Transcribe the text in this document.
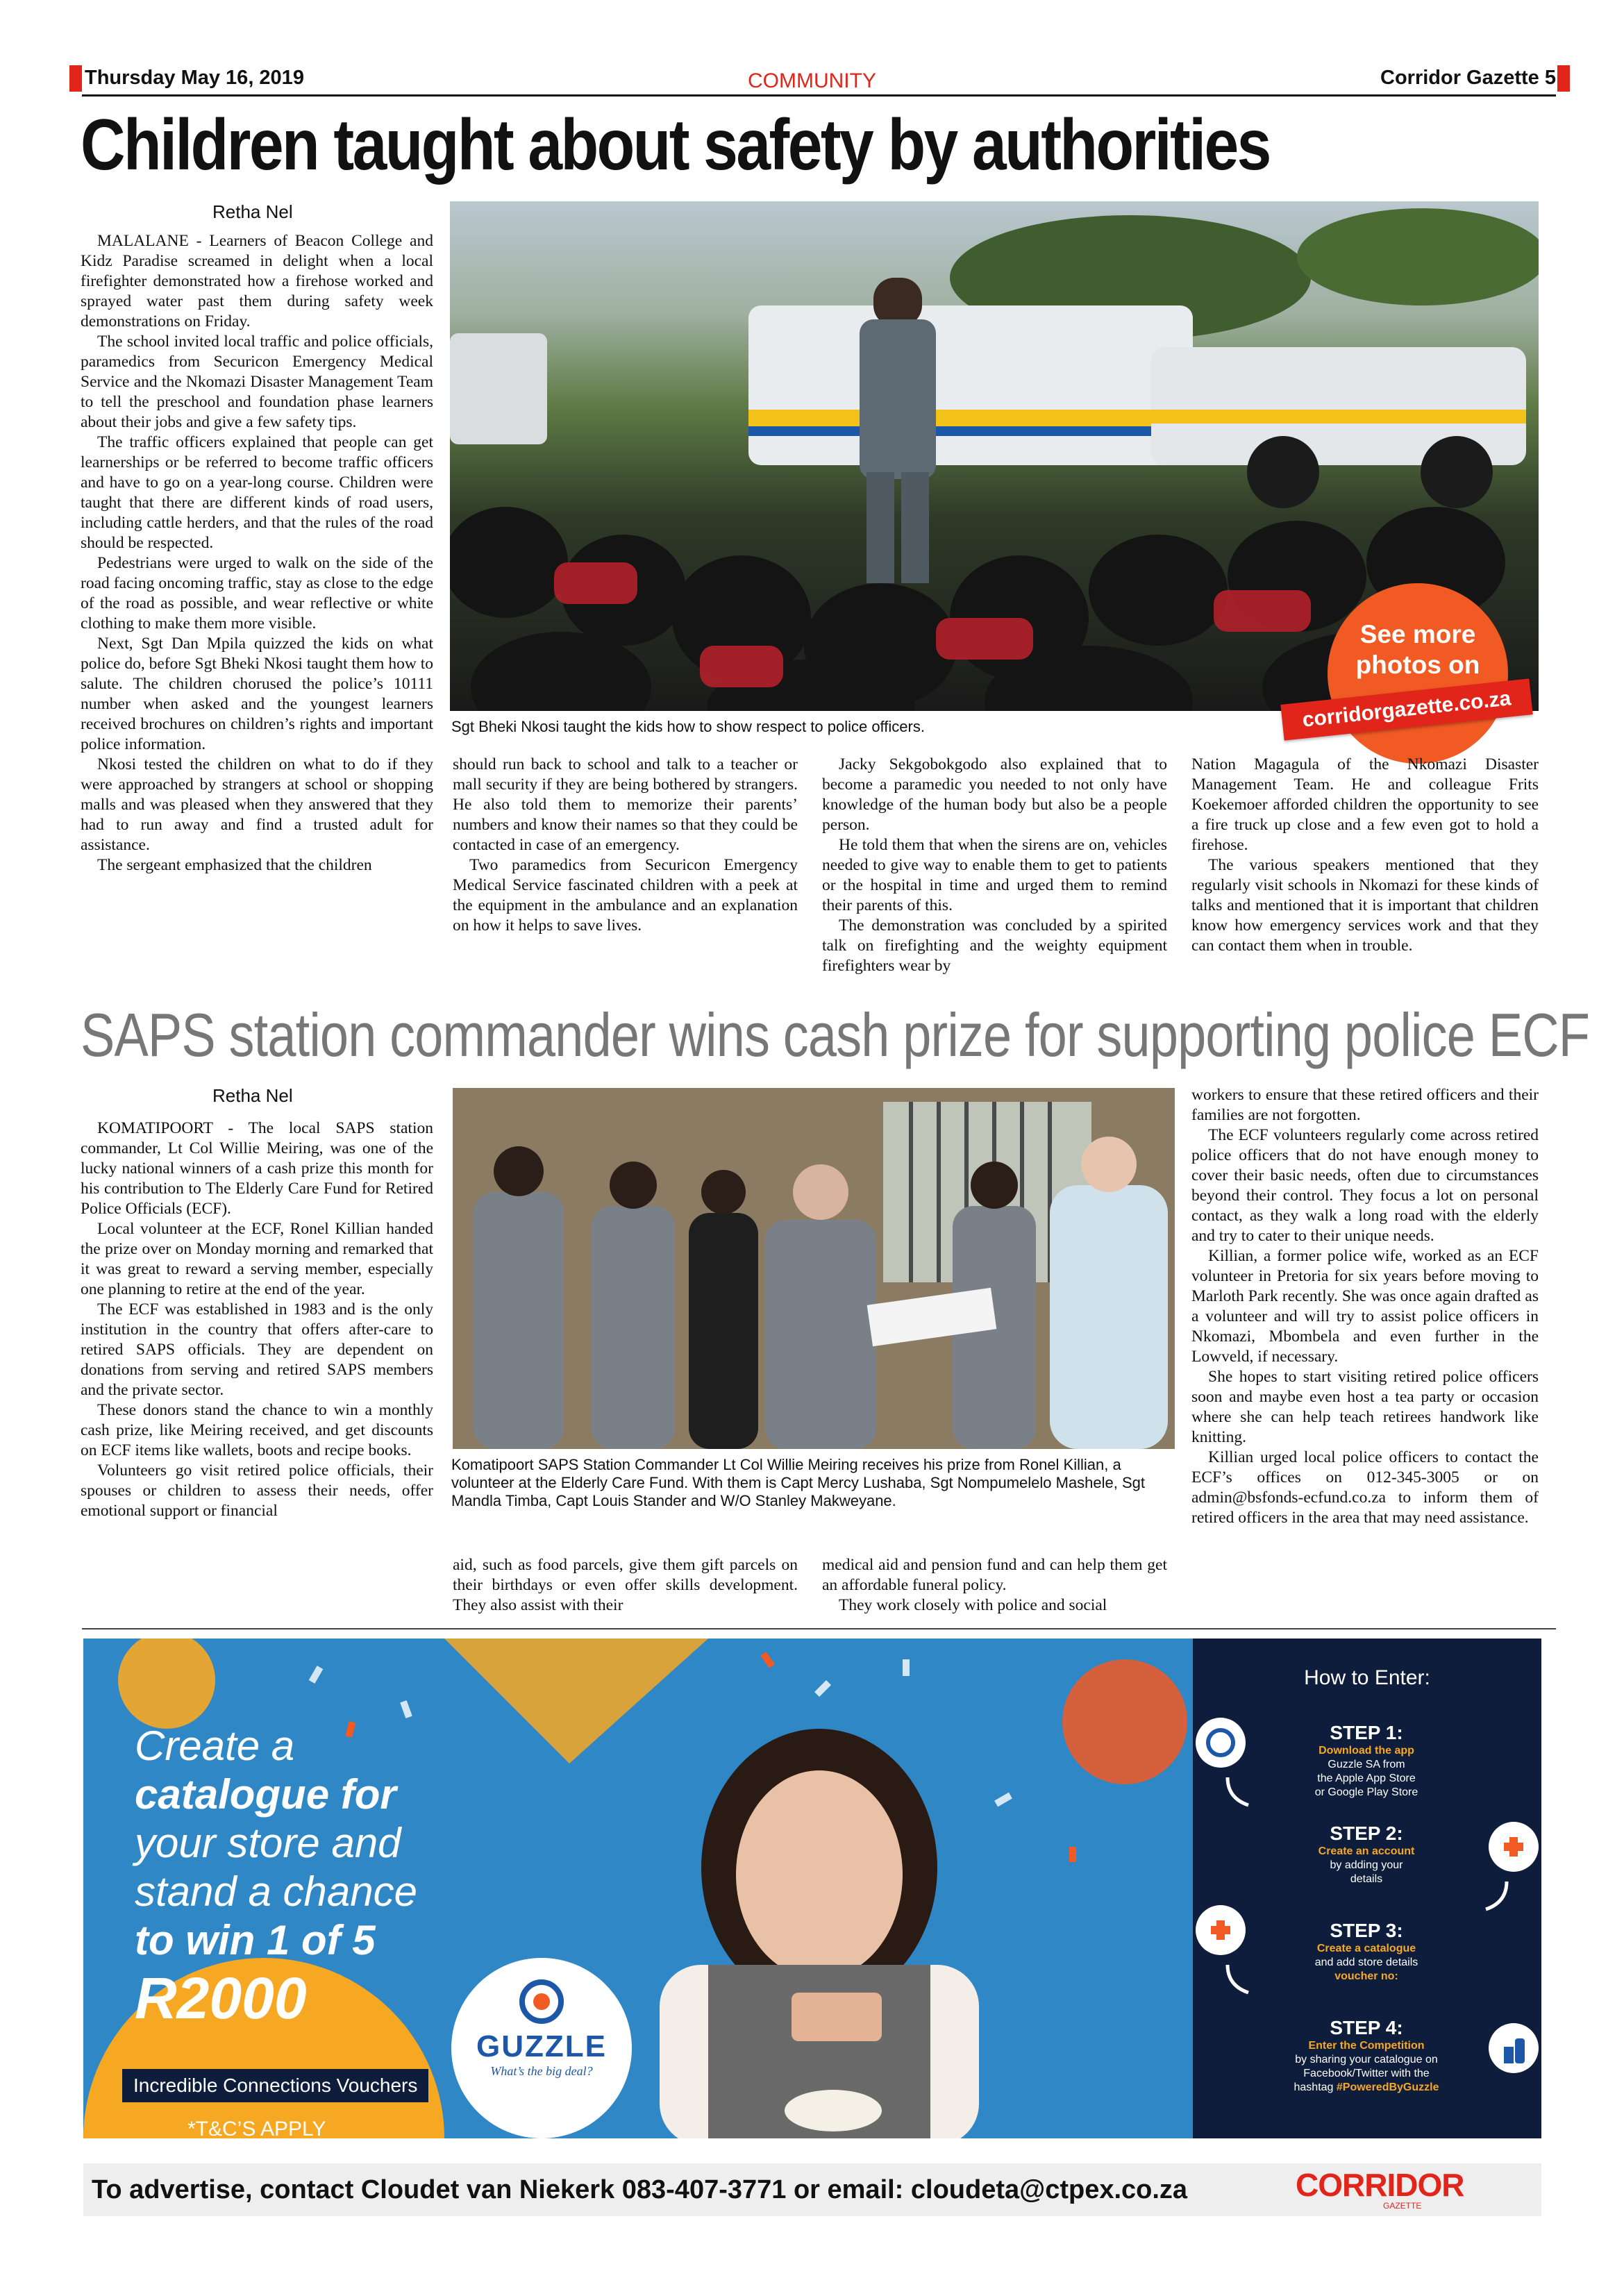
Thursday May 16, 2019	COMMUNITY	Corridor Gazette 5
Children taught about safety by authorities
Retha Nel

MALALANE - Learners of Beacon College and Kidz Paradise screamed in delight when a local firefighter demonstrated how a firehose worked and sprayed water past them during safety week demonstrations on Friday.

The school invited local traffic and police officials, paramedics from Securicon Emergency Medical Service and the Nkomazi Disaster Management Team to tell the preschool and foundation phase learners about their jobs and give a few safety tips.

The traffic officers explained that people can get learnerships or be referred to become traffic officers and have to go on a year-long course. Children were taught that there are different kinds of road users, including cattle herders, and that the rules of the road should be respected.

Pedestrians were urged to walk on the side of the road facing oncoming traffic, stay as close to the edge of the road as possible, and wear reflective or white clothing to make them more visible.

Next, Sgt Dan Mpila quizzed the kids on what police do, before Sgt Bheki Nkosi taught them how to salute. The children chorused the police’s 10111 number when asked and the youngest learners received brochures on children’s rights and important police information.

Nkosi tested the children on what to do if they were approached by strangers at school or shopping malls and was pleased when they answered that they had to run away and find a trusted adult for assistance.

The sergeant emphasized that the children

See more
photos on
corridorgazette.co.za
Sgt Bheki Nkosi taught the kids how to show respect to police officers.

should run back to school and talk to a teacher or mall security if they are being bothered by strangers. He also told them to memorize their parents’ numbers and know their names so that they could be contacted in case of an emergency.

Two paramedics from Securicon Emergency Medical Service fascinated children with a peek at the equipment in the ambulance and an explanation on how it helps to save lives.

Jacky Sekgobokgodo also explained that to become a paramedic you needed to not only have knowledge of the human body but also be a people person.

He told them that when the sirens are on, vehicles needed to give way to enable them to get to patients or the hospital in time and urged them to remind their parents of this.

The demonstration was concluded by a spirited talk on firefighting and the weighty equipment firefighters wear by

Nation Magagula of the Nkomazi Disaster Management Team. He and colleague Frits Koekemoer afforded children the opportunity to see a fire truck up close and a few even got to hold a firehose.

The various speakers mentioned that they regularly visit schools in Nkomazi for these kinds of talks and mentioned that it is important that children know how emergency services work and that they can contact them when in trouble.

SAPS station commander wins cash prize for supporting police ECF
Retha Nel

KOMATIPOORT - The local SAPS station commander, Lt Col Willie Meiring, was one of the lucky national winners of a cash prize this month for his contribution to The Elderly Care Fund for Retired Police Officials (ECF).

Local volunteer at the ECF, Ronel Killian handed the prize over on Monday morning and remarked that it was great to reward a serving member, especially one planning to retire at the end of the year.

The ECF was established in 1983 and is the only institution in the country that offers after-care to retired SAPS officials. They are dependent on donations from serving and retired SAPS members and the private sector.

These donors stand the chance to win a monthly cash prize, like Meiring received, and get discounts on ECF items like wallets, boots and recipe books.

Volunteers go visit retired police officials, their spouses or children to assess their needs, offer emotional support or financial

Komatipoort SAPS Station Commander Lt Col Willie Meiring receives his prize from Ronel Killian, a volunteer at the Elderly Care Fund. With them is Capt Mercy Lushaba, Sgt Nompumelelo Mashele, Sgt Mandla Timba, Capt Louis Stander and W/O Stanley Makweyane.

aid, such as food parcels, give them gift parcels on their birthdays or even offer skills development. They also assist with their

medical aid and pension fund and can help them get an affordable funeral policy.

They work closely with police and social

workers to ensure that these retired officers and their families are not forgotten.

The ECF volunteers regularly come across retired police officers that do not have enough money to cover their basic needs, often due to circumstances beyond their control. They focus a lot on personal contact, as they walk a long road with the elderly and try to cater to their unique needs.

Killian, a former police wife, worked as an ECF volunteer in Pretoria for six years before moving to Marloth Park recently. She was once again drafted as a volunteer and will try to assist police officers in Nkomazi, Mbombela and even further in the Lowveld, if necessary.

She hopes to start visiting retired police officers soon and maybe even host a tea party or occasion where she can help teach retirees handwork like knitting.

Killian urged local police officers to contact the ECF’s offices on 012-345-3005 or on admin@bsfonds-ecfund.co.za to inform them of retired officers in the area that may need assistance.

Create a
catalogue for
your store and
stand a chance
to win 1 of 5
R2000
Incredible Connections Vouchers	*
*T&C’S APPLY
GUZZLE
What’s the big deal?
How to Enter:
STEP 1:
Download the app
Guzzle SA from
the Apple App Store
or Google Play Store
STEP 2:
Create an account
by adding your
details
STEP 3:
Create a catalogue
and add store details
voucher no:
STEP 4:
Enter the Competition
by sharing your catalogue on
Facebook/Twitter with the
hashtag #PoweredByGuzzle
To advertise, contact Cloudet van Niekerk 083-407-3771 or email: cloudeta@ctpex.co.za	CORRIDOR
GAZETTE
